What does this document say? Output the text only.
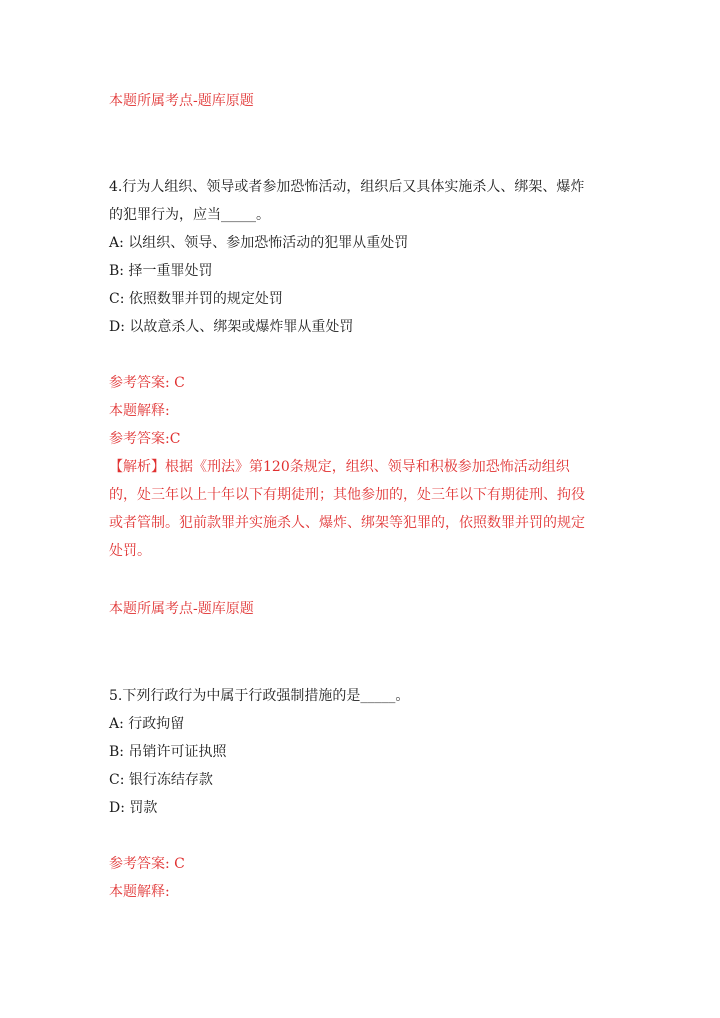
本题所属考点-题库原题
4.行为人组织、领导或者参加恐怖活动，组织后又具体实施杀人、绑架、爆炸
的犯罪行为，应当_____。
A: 以组织、领导、参加恐怖活动的犯罪从重处罚
B: 择一重罪处罚
C: 依照数罪并罚的规定处罚
D: 以故意杀人、绑架或爆炸罪从重处罚
参考答案: C
本题解释:
参考答案:C
【解析】根据《刑法》第120条规定，组织、领导和积极参加恐怖活动组织
的，处三年以上十年以下有期徒刑；其他参加的，处三年以下有期徒刑、拘役
或者管制。犯前款罪并实施杀人、爆炸、绑架等犯罪的，依照数罪并罚的规定
处罚。
本题所属考点-题库原题
5.下列行政行为中属于行政强制措施的是_____。
A: 行政拘留
B: 吊销许可证执照
C: 银行冻结存款
D: 罚款
参考答案: C
本题解释:
